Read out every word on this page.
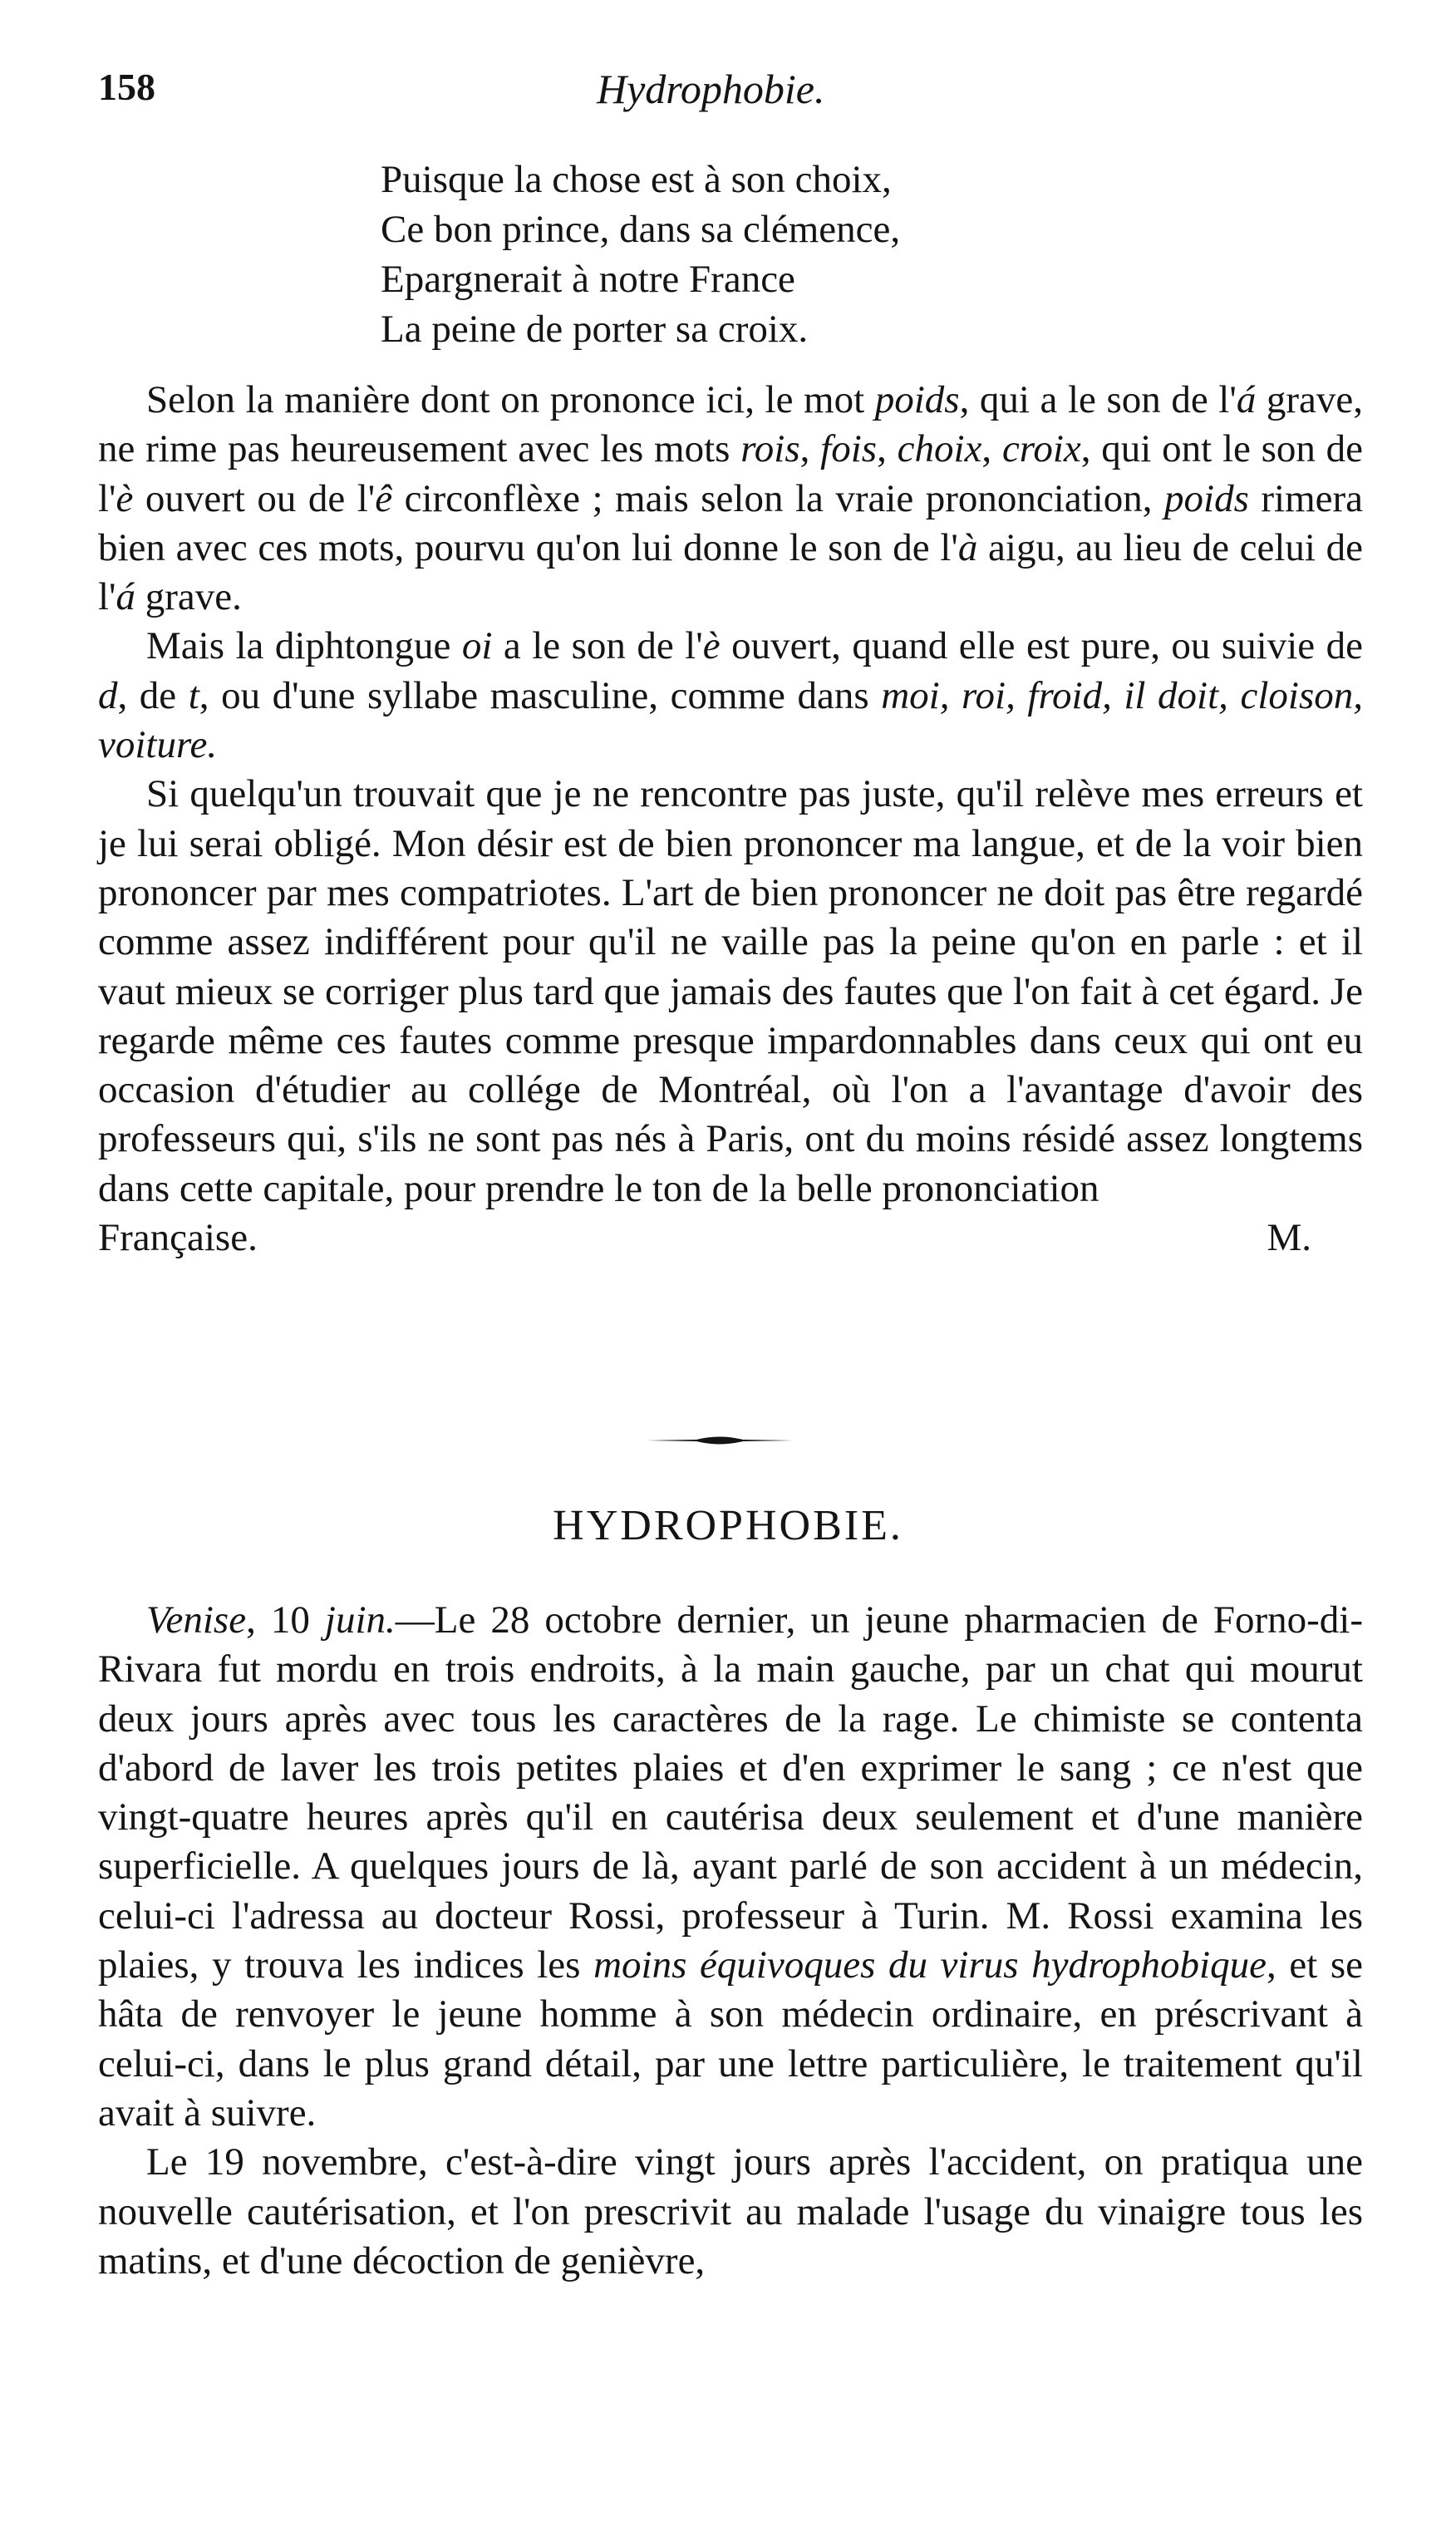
158	Hydrophobie.
Puisque la chose est à son choix,
Ce bon prince, dans sa clémence,
Epargnerait à notre France
La peine de porter sa croix.

Selon la manière dont on prononce ici, le mot poids, qui a le son de l'á grave, ne rime pas heureusement avec les mots rois, fois, choix, croix, qui ont le son de l'è ouvert ou de l'ê circonflèxe ; mais selon la vraie prononciation, poids rimera bien avec ces mots, pourvu qu'on lui donne le son de l'à aigu, au lieu de celui de l'á grave.

Mais la diphtongue oi a le son de l'è ouvert, quand elle est pure, ou suivie de d, de t, ou d'une syllabe masculine, comme dans moi, roi, froid, il doit, cloison, voiture.

Si quelqu'un trouvait que je ne rencontre pas juste, qu'il relève mes erreurs et je lui serai obligé. Mon désir est de bien prononcer ma langue, et de la voir bien prononcer par mes compatriotes. L'art de bien prononcer ne doit pas être regardé comme assez indifférent pour qu'il ne vaille pas la peine qu'on en parle : et il vaut mieux se corriger plus tard que jamais des fautes que l'on fait à cet égard. Je regarde même ces fautes comme presque impardonnables dans ceux qui ont eu occasion d'étudier au collége de Montréal, où l'on a l'avantage d'avoir des professeurs qui, s'ils ne sont pas nés à Paris, ont du moins résidé assez longtems dans cette capitale, pour prendre le ton de la belle prononciation

Française.	M.
HYDROPHOBIE.

Venise, 10 juin.—Le 28 octobre dernier, un jeune pharmacien de Forno-di-Rivara fut mordu en trois endroits, à la main gauche, par un chat qui mourut deux jours après avec tous les caractères de la rage. Le chimiste se contenta d'abord de laver les trois petites plaies et d'en exprimer le sang ; ce n'est que vingt-quatre heures après qu'il en cautérisa deux seulement et d'une manière superficielle. A quelques jours de là, ayant parlé de son accident à un médecin, celui-ci l'adressa au docteur Rossi, professeur à Turin. M. Rossi examina les plaies, y trouva les indices les moins équivoques du virus hydrophobique, et se hâta de renvoyer le jeune homme à son médecin ordinaire, en préscrivant à celui-ci, dans le plus grand détail, par une lettre particulière, le traitement qu'il avait à suivre.

Le 19 novembre, c'est-à-dire vingt jours après l'accident, on pratiqua une nouvelle cautérisation, et l'on prescrivit au malade l'usage du vinaigre tous les matins, et d'une décoction de genièvre,
